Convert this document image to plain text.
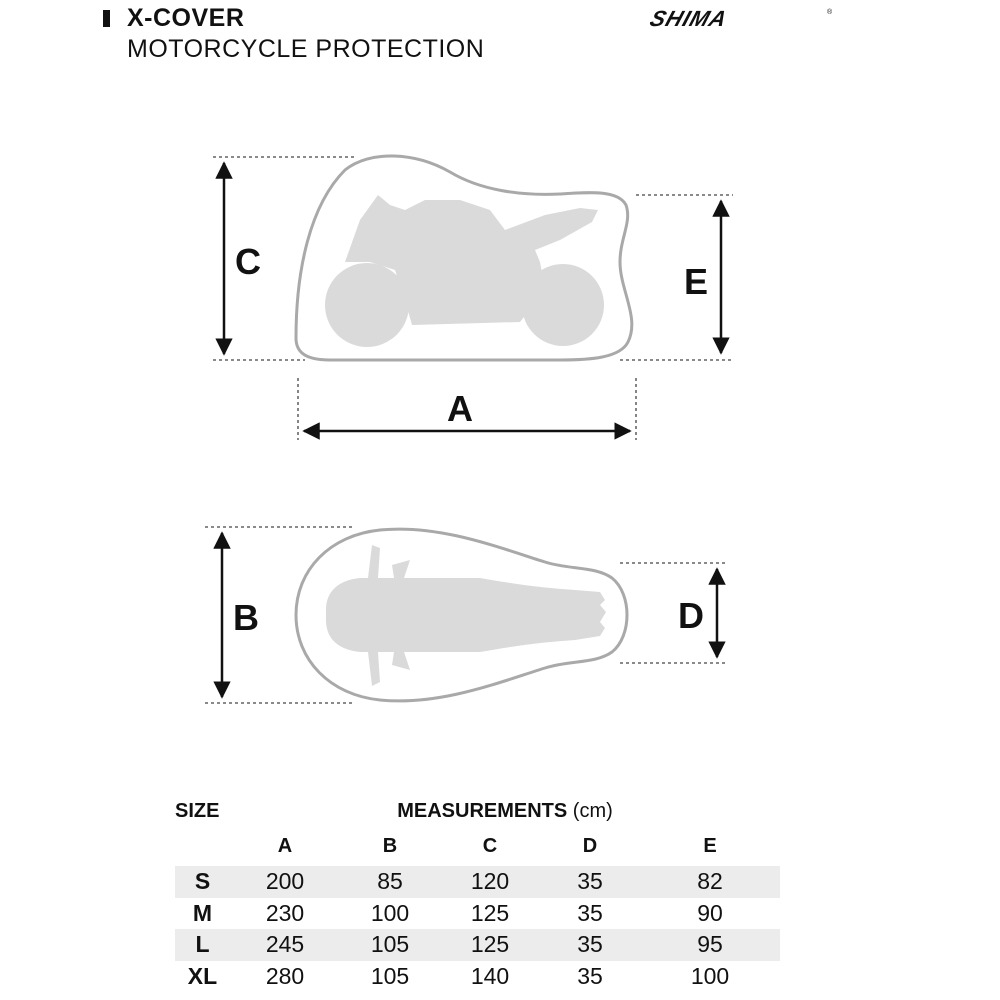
X-COVER
MOTORCYCLE PROTECTION
SHIMA	®
C	E
A
B	D
SIZE	MEASUREMENTS (cm)				
	A	B	C	D	E
S	200	85	120	35	82
M	230	100	125	35	90
L	245	105	125	35	95
XL	280	105	140	35	100
